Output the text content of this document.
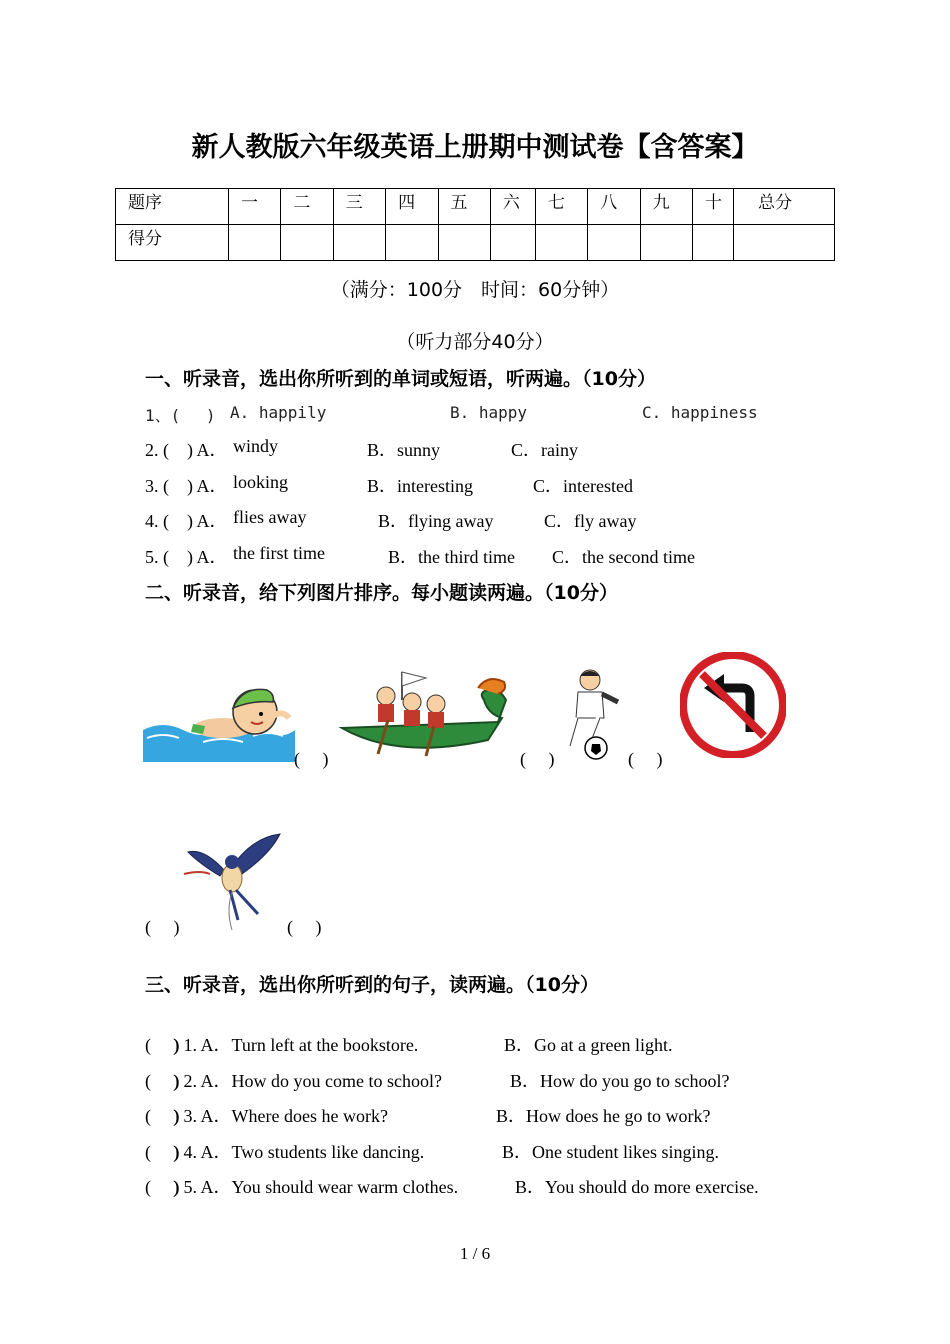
新人教版六年级英语上册期中测试卷【含答案】
题序	一	二	三	四	五	六	七	八	九	十	总分
得分											
（满分：100分　时间：60分钟）
（听力部分40分）
一、听录音，选出你所听到的单词或短语，听两遍。（10分）
1、(　 ) A. happily	B. happy	C. happiness
2. (　) A． windy	B．sunny	C．rainy
3. (　) A． looking	B．interesting	C．interested
4. (　) A． flies away	B．flying away	C．fly away
5. (　) A． the first time	B．the third time C．the second time
二、听录音，给下列图片排序。每小题读两遍。（10分）
(　 )	(　 )	(　 )
(　 )	(　 )
三、听录音，选出你所听到的句子，读两遍。（10分）
(　 )
) 1. A．Turn left at the bookstore.	B．Go at a green light.
(　 )
) 2. A．How do you come to school?	B．How do you go to school?
(　 )
) 3. A．Where does he work?	B．How does he go to work?
(　 )
) 4. A．Two students like dancing.	B．One student likes singing.
(　 )
) 5. A．You should wear warm clothes.	B．You should do more exercise.
1 / 6
